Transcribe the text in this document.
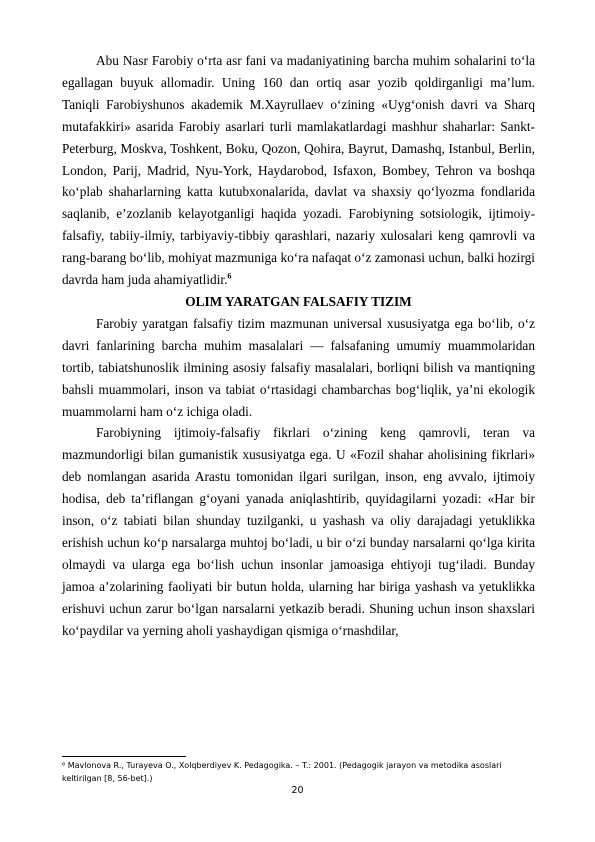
Abu Nasr Farobiy o‘rta asr fani va madaniyatining barcha muhim sohalarini to‘la egallagan buyuk allomadir. Uning 160 dan ortiq asar yozib qoldirganligi ma’lum. Taniqli Farobiyshunos akademik M.Xayrullaev o‘zining «Uyg‘onish davri va Sharq mutafakkiri» asarida Farobiy asarlari turli mamlakatlardagi mashhur shaharlar: Sankt-Peterburg, Moskva, Toshkent, Boku, Qozon, Qohira, Bayrut, Damashq, Istanbul, Berlin, London, Parij, Madrid, Nyu-York, Haydarobod, Isfaxon, Bombey, Tehron va boshqa ko‘plab shaharlarning katta kutubxonalarida, davlat va shaxsiy qo‘lyozma fondlarida saqlanib, e’zozlanib kelayotganligi haqida yozadi. Farobiyning sotsiologik, ijtimoiy-falsafiy, tabiiy-ilmiy, tarbiyaviy-tibbiy qarashlari, nazariy xulosalari keng qamrovli va rang-barang bo‘lib, mohiyat mazmuniga ko‘ra nafaqat o‘z zamonasi uchun, balki hozirgi davrda ham juda ahamiyatlidir.$^6$

OLIM YARATGAN FALSAFIY TIZIM

Farobiy yaratgan falsafiy tizim mazmunan universal xususiyatga ega bo‘lib, o‘z davri fanlarining barcha muhim masalalari — falsafaning umumiy muammolaridan tortib, tabiatshunoslik ilmining asosiy falsafiy masalalari, borliqni bilish va mantiqning bahsli muammolari, inson va tabiat o‘rtasidagi chambarchas bog‘liqlik, ya’ni ekologik muammolarni ham o‘z ichiga oladi.

Farobiyning ijtimoiy-falsafiy fikrlari o‘zining keng qamrovli, teran va mazmundorligi bilan gumanistik xususiyatga ega. U «Fozil shahar aholisining fikrlari» deb nomlangan asarida Arastu tomonidan ilgari surilgan, inson, eng avvalo, ijtimoiy hodisa, deb ta’riflangan g‘oyani yanada aniqlashtirib, quyidagilarni yozadi: «Har bir inson, o‘z tabiati bilan shunday tuzilganki, u yashash va oliy darajadagi yetuklikka erishish uchun ko‘p narsalarga muhtoj bo‘ladi, u bir o‘zi bunday narsalarni qo‘lga kirita olmaydi va ularga ega bo‘lish uchun insonlar jamoasiga ehtiyoji tug‘iladi. Bunday jamoa a’zolarining faoliyati bir butun holda, ularning har biriga yashash va yetuklikka erishuvi uchun zarur bo‘lgan narsalarni yetkazib beradi. Shuning uchun inson shaxslari ko‘paydilar va yerning aholi yashaydigan qismiga o‘rnashdilar,

⁶ Mavlonova R., Turayeva O., Xolqberdiyev K. Pedagogika. – T.: 2001. (Pedagogik jarayon va metodika asoslari keltirilgan [8, 56-bet].)
20
